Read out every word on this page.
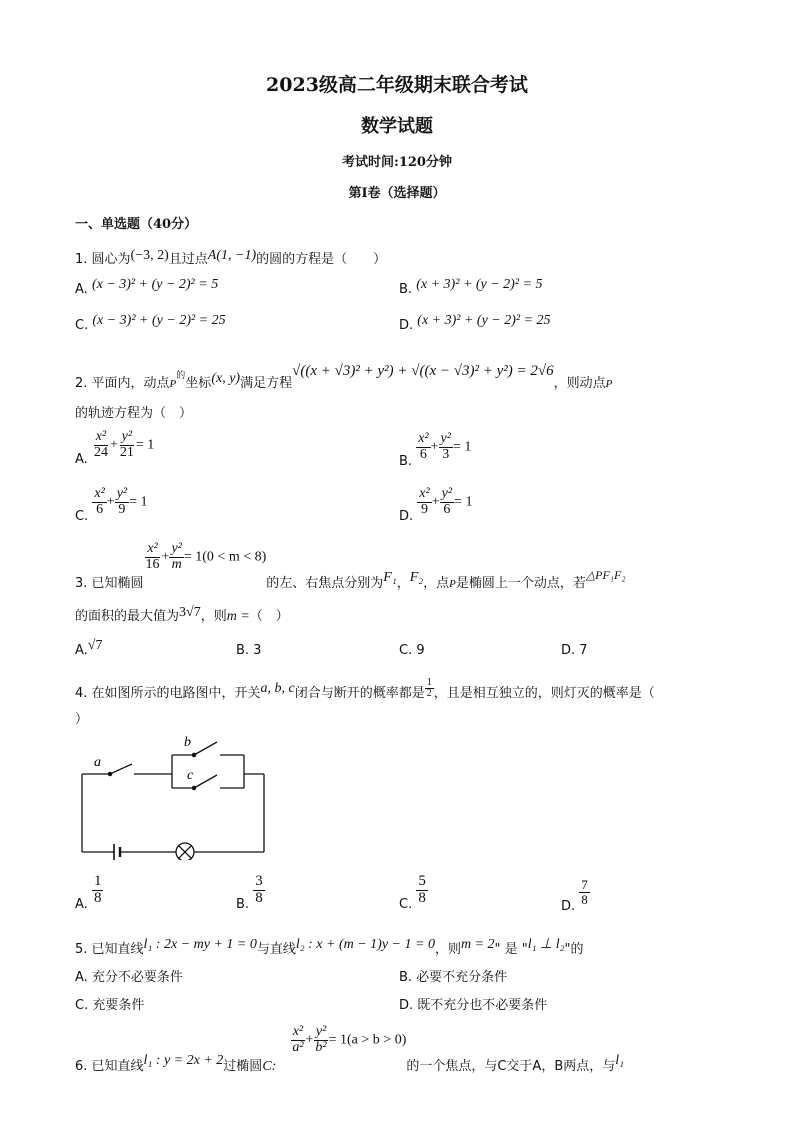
2023级高二年级期末联合考试
数学试题
考试时间:120分钟
第Ⅰ卷（选择题）
一、单选题（40分）
1. 圆心为(−3, 2)且过点A(1, −1)的圆的方程是（　　）
A. (x − 3)² + (y − 2)² = 5	B. (x + 3)² + (y − 2)² = 5
C. (x − 3)² + (y − 2)² = 25	D. (x + 3)² + (y − 2)² = 25
2. 平面内，动点$P^的$坐标(x, y)满足方程√((x + √3)² + y²) + √((x − √3)² + y²) = 2√6，则动点P
的轨迹方程为（　）
A. $\frac{\text{x²}}{24} + \frac{\text{y²}}{21} = 1$
B. $\frac{\text{x²}}{6} + \frac{\text{y²}}{3} = 1$
C. $\frac{\text{x²}}{6} + \frac{\text{y²}}{9} = 1$
D. $\frac{\text{x²}}{9} + \frac{\text{y²}}{6} = 1$
3. 已知椭圆
$\frac{\text{x²}}{16} + \frac{\text{y²}}{m} = 1(0 < m < 8)$的左、右焦点分别为F₁，F₂，点$_P$是椭圆上一个动点，若△PF₁F₂
的面积的最大值为3√7，则m =（　）
A.√7	B. 3	C. 9	D. 7
4. 在如图所示的电路图中，开关a, b, c闭合与断开的概率都是 $\frac{1}{2}$ ，且是相互独立的，则灯灭的概率是（
）
a
b
c
A. $\frac{1}{8}$	B. $\frac{3}{8}$	C. $\frac{5}{8}$	D. $\frac{7}{8}$
5. 已知直线l₁ : 2x − my + 1 = 0与直线l₂ : x + (m − 1)y − 1 = 0，则m = 2" 是 "l₁ ⊥ l₂"的
A. 充分不必要条件	B. 必要不充分条件
C. 充要条件	D. 既不充分也不必要条件
6. 已知直线l₁ : y = 2x + 2过椭圆C:
$\frac{\text{x²}}{\text{a²}} + \frac{\text{y²}}{\text{b²}} = 1(a > b > 0)$的一个焦点，与C交于A，B两点，与l₁
